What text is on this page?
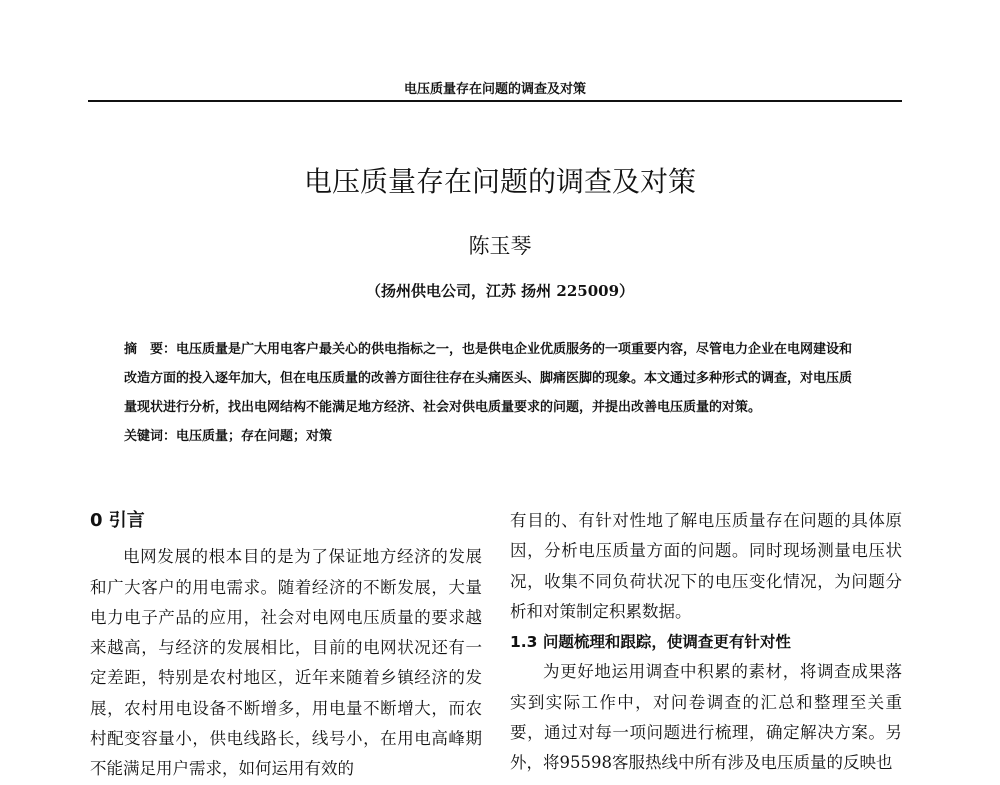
电压质量存在问题的调查及对策
电压质量存在问题的调查及对策
陈玉琴
（扬州供电公司，江苏 扬州 225009）

摘　要：电压质量是广大用电客户最关心的供电指标之一，也是供电企业优质服务的一项重要内容，尽管电力企业在电网建设和改造方面的投入逐年加大，但在电压质量的改善方面往往存在头痛医头、脚痛医脚的现象。本文通过多种形式的调查，对电压质量现状进行分析，找出电网结构不能满足地方经济、社会对供电质量要求的问题，并提出改善电压质量的对策。

关键词：电压质量；存在问题；对策

0 引言

电网发展的根本目的是为了保证地方经济的发展和广大客户的用电需求。随着经济的不断发展，大量电力电子产品的应用，社会对电网电压质量的要求越来越高，与经济的发展相比，目前的电网状况还有一定差距，特别是农村地区，近年来随着乡镇经济的发展，农村用电设备不断增多，用电量不断增大，而农村配变容量小，供电线路长，线号小，在用电高峰期不能满足用户需求，如何运用有效的

有目的、有针对性地了解电压质量存在问题的具体原因，分析电压质量方面的问题。同时现场测量电压状况，收集不同负荷状况下的电压变化情况，为问题分析和对策制定积累数据。

1.3 问题梳理和跟踪，使调查更有针对性

为更好地运用调查中积累的素材，将调查成果落实到实际工作中，对问卷调查的汇总和整理至关重要，通过对每一项问题进行梳理，确定解决方案。另外，将95598客服热线中所有涉及电压质量的反映也
